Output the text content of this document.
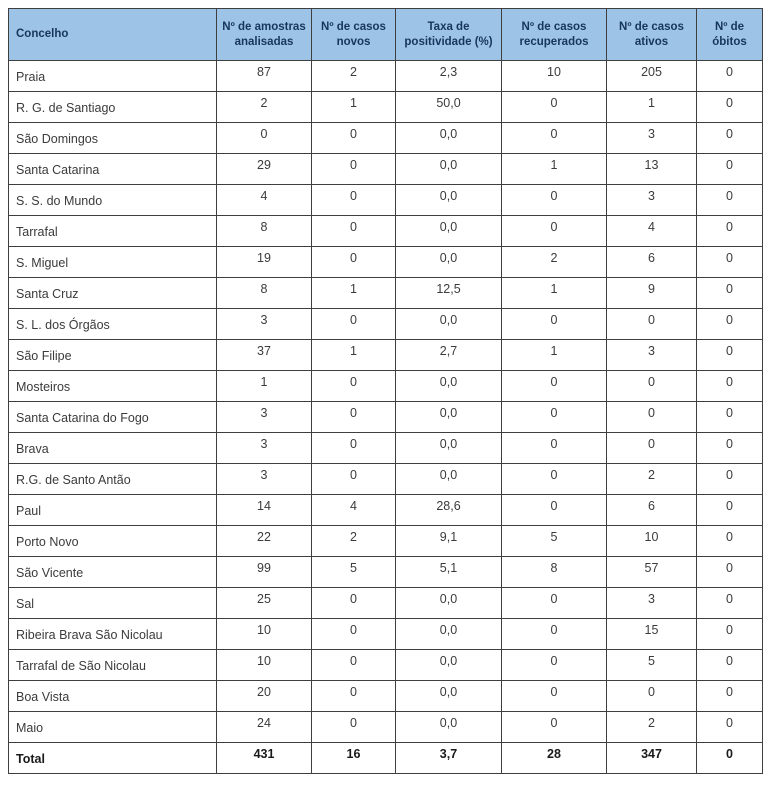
Concelho	Nº de amostras analisadas	Nº de casos novos	Taxa de positividade (%)	Nº de casos recuperados	Nº de casos ativos	Nº de óbitos
Praia	87	2	2,3	10	205	0
R. G. de Santiago	2	1	50,0	0	1	0
São Domingos	0	0	0,0	0	3	0
Santa Catarina	29	0	0,0	1	13	0
S. S. do Mundo	4	0	0,0	0	3	0
Tarrafal	8	0	0,0	0	4	0
S. Miguel	19	0	0,0	2	6	0
Santa Cruz	8	1	12,5	1	9	0
S. L. dos Órgãos	3	0	0,0	0	0	0
São Filipe	37	1	2,7	1	3	0
Mosteiros	1	0	0,0	0	0	0
Santa Catarina do Fogo	3	0	0,0	0	0	0
Brava	3	0	0,0	0	0	0
R.G. de Santo Antão	3	0	0,0	0	2	0
Paul	14	4	28,6	0	6	0
Porto Novo	22	2	9,1	5	10	0
São Vicente	99	5	5,1	8	57	0
Sal	25	0	0,0	0	3	0
Ribeira Brava São Nicolau	10	0	0,0	0	15	0
Tarrafal de São Nicolau	10	0	0,0	0	5	0
Boa Vista	20	0	0,0	0	0	0
Maio	24	0	0,0	0	2	0
Total	431	16	3,7	28	347	0
